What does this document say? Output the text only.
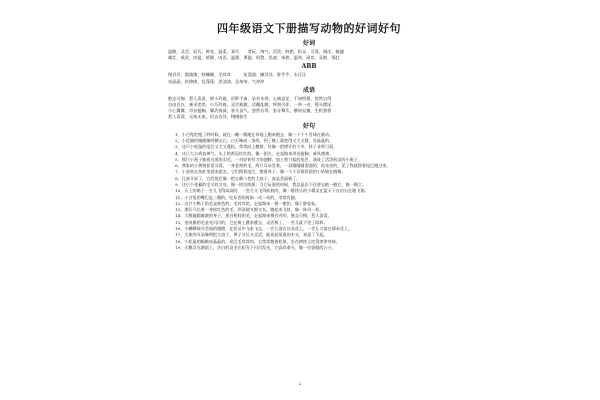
四年级语文下册描写动物的好词好句
好词

温顺、灵活、轻巧、鲜亮、温柔、乖巧　　贪玩、淘气、活泼、鲜艳、机灵、可爱、调皮、敏捷

雄壮、威武、凶猛、矫健、凶恶、温驯、勇猛、机警、迅速、笨拙、温和、顽皮、灵敏、强壮

ABB

慢吞吞、圆滚滚、胖嘟嘟、毛茸茸　　　灰溜溜、懒洋洋、胖乎乎、水汪汪

亮晶晶、软绵绵、乱蓬蓬、黑油油、急匆匆、气冲冲

成语

憨态可掬、惹人喜爱、娇小玲珑、形影不离、呆若木鸡、心满意足、不知所措、悠然自得

自由自在、神采奕奕、小巧玲珑、灵活机敏、活蹦乱跳、呼朋引伴、一举一动、摇头摆尾

小心翼翼、昂首挺胸、耀武扬威、垂头丧气、悠然自得、张牙舞爪、横冲直撞、生机勃勃

惹人喜爱、无拘无束、形态各异、栩栩如生

好句

1、小白兔吃饱了的时候，就在一蹦一跳地在草地上跑来跑去，像一个个小雪球在滚动。

2、小花猫的眼睛像两颗宝石，白天眯成一条线，到了晚上就变得又大又圆，亮晶晶的。

3、这只小松鼠的尾巴又大又蓬松，常常向上翘着，好像一把撑开的小伞，样子非常可爱。

4、这只大公鸡真神气，头上的鸡冠红红的，像一团火，走起路来昂首挺胸，威风凛凛。

5、那只小燕子披着乌黑的羽毛，一对轻快有力的翅膀，加上剪刀似的尾巴，凑成了活泼机灵的小燕子。

6、我家的小黄狗非常可爱，一身金黄的毛，两只耳朵竖着，一双眼睛圆溜溜的，黑亮亮的，见了我就摇着尾巴跑过来。

7、小金鱼在鱼缸里游来游去，它们摇着尾巴，摆着身子，像一个个穿着彩裙的小姑娘在跳舞。

8、孔雀开屏了，它的尾巴像一把五颜六色的大扇子，真是美丽极了。

9、这只小花猫的毛又软又亮，像一团毛线球，当它玩耍的时候，我总是忍不住要去抱一抱它，摸一摸它。

10、天上的鸽子一会儿飞得高高的，一会儿又飞得低低的，像一群快乐的小精灵在蓝天下自由自在地飞翔。

11、小白兔的嘴巴是三瓣的，吃东西的时候一动一动的，非常有趣。

12、这只小鸭子的毛是黄色的，毛茸茸的，走起路来一摇一摆的，像个胖娃娃。

13、那匹马长着一身棕红色的毛，四条腿又细又长，跑起来飞快，像一阵风一样。

14、大熊猫圆滚滚的身子，黑白相间的毛，走起路来慢吞吞的，憨态可掬，惹人喜爱。

15、金丝猴的毛金光闪闪的，它在树上跳来跳去，灵活极了，一会儿就不见了踪影。

16、小蝴蝶展开美丽的翅膀，在花丛中飞来飞去，一会儿落在这朵花上，一会儿又落在那朵花上。

17、大象的耳朵像两把大扇子，鼻子又长又灵活，能卷起很重的木头，真是了不起。

18、小松鼠的眼睛亮晶晶的，尾巴毛茸茸的，它常常抱着松果，坐在树枝上吃得津津有味。

19、天鹅浮在湖面上，洁白的羽毛在阳光下闪闪发光，它高昂着头，像一位骄傲的公主。

2
